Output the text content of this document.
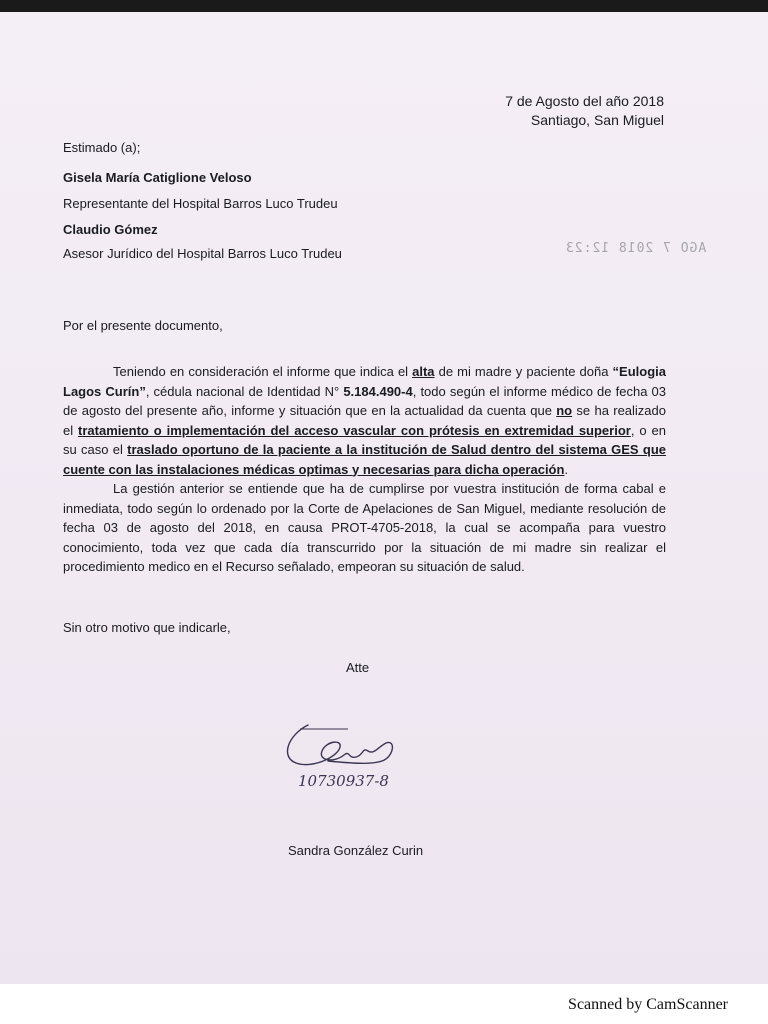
7 de Agosto del año 2018
Santiago, San Miguel
Estimado (a);
Gisela María Catiglione Veloso
Representante del Hospital Barros Luco Trudeu
Claudio Gómez
Asesor Jurídico del Hospital Barros Luco Trudeu	AGO 7 2018 12:23
Por el presente documento,

Teniendo en consideración el informe que indica el alta de mi madre y paciente doña “Eulogia Lagos Curín”, cédula nacional de Identidad N° 5.184.490-4, todo según el informe médico de fecha 03 de agosto del presente año, informe y situación que en la actualidad da cuenta que no se ha realizado el tratamiento o implementación del acceso vascular con prótesis en extremidad superior, o en su caso el traslado oportuno de la paciente a la institución de Salud dentro del sistema GES que cuente con las instalaciones médicas optimas y necesarias para dicha operación.

La gestión anterior se entiende que ha de cumplirse por vuestra institución de forma cabal e inmediata, todo según lo ordenado por la Corte de Apelaciones de San Miguel, mediante resolución de fecha 03 de agosto del 2018, en causa PROT-4705-2018, la cual se acompaña para vuestro conocimiento, toda vez que cada día transcurrido por la situación de mi madre sin realizar el procedimiento medico en el Recurso señalado, empeoran su situación de salud.

Sin otro motivo que indicarle,
Atte
10730937-8
Sandra González Curin
Scanned by CamScanner
